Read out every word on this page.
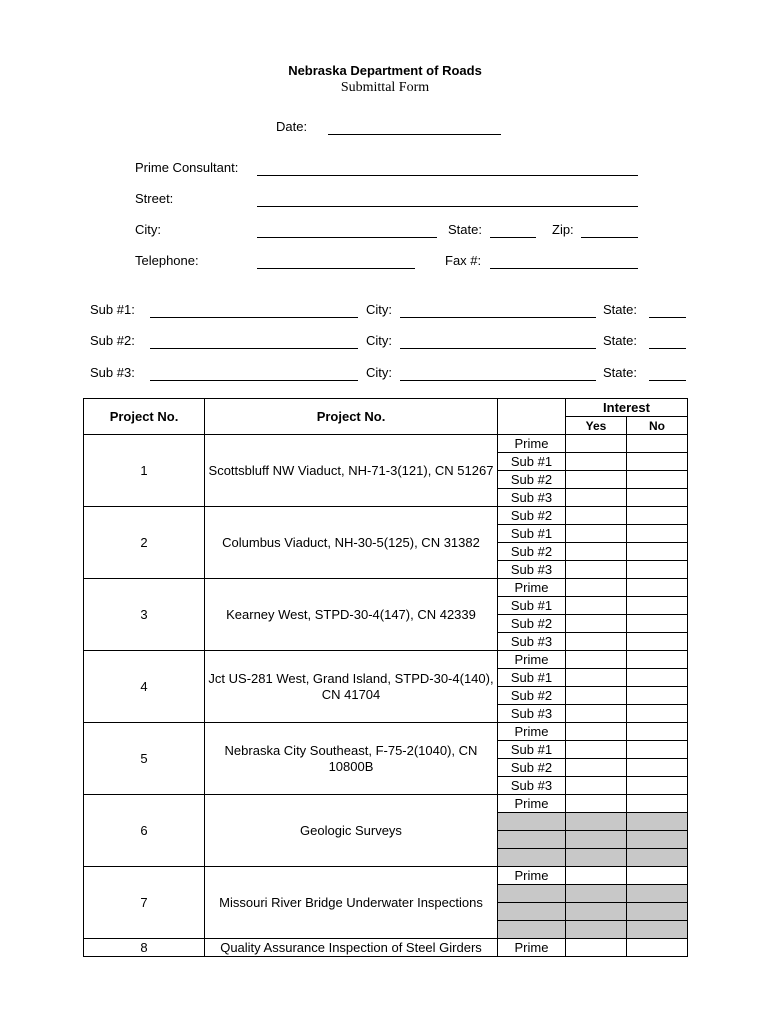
Nebraska Department of Roads
Submittal Form
Date:
Prime Consultant:
Street:
City:	State:	Zip:
Telephone:	Fax #:
Sub #1:	City:	State:
Sub #2:	City:	State:
Sub #3:	City:	State:
Project No.	Project No.		Interest	
			Yes	No
1	Scottsbluff NW Viaduct, NH-71-3(121), CN 51267	Prime		
		Sub #1		
		Sub #2		
		Sub #3		
2	Columbus Viaduct, NH-30-5(125), CN 31382	Sub #2		
		Sub #1		
		Sub #2		
		Sub #3		
3	Kearney West, STPD-30-4(147), CN 42339	Prime		
		Sub #1		
		Sub #2		
		Sub #3		
4	Jct US-281 West, Grand Island, STPD-30-4(140), CN 41704	Prime		
		Sub #1		
		Sub #2		
		Sub #3		
5	Nebraska City Southeast, F-75-2(1040), CN 10800B	Prime		
		Sub #1		
		Sub #2		
		Sub #3		
6	Geologic Surveys	Prime		

7	Missouri River Bridge Underwater Inspections	Prime		

8	Quality Assurance Inspection of Steel Girders	Prime		
